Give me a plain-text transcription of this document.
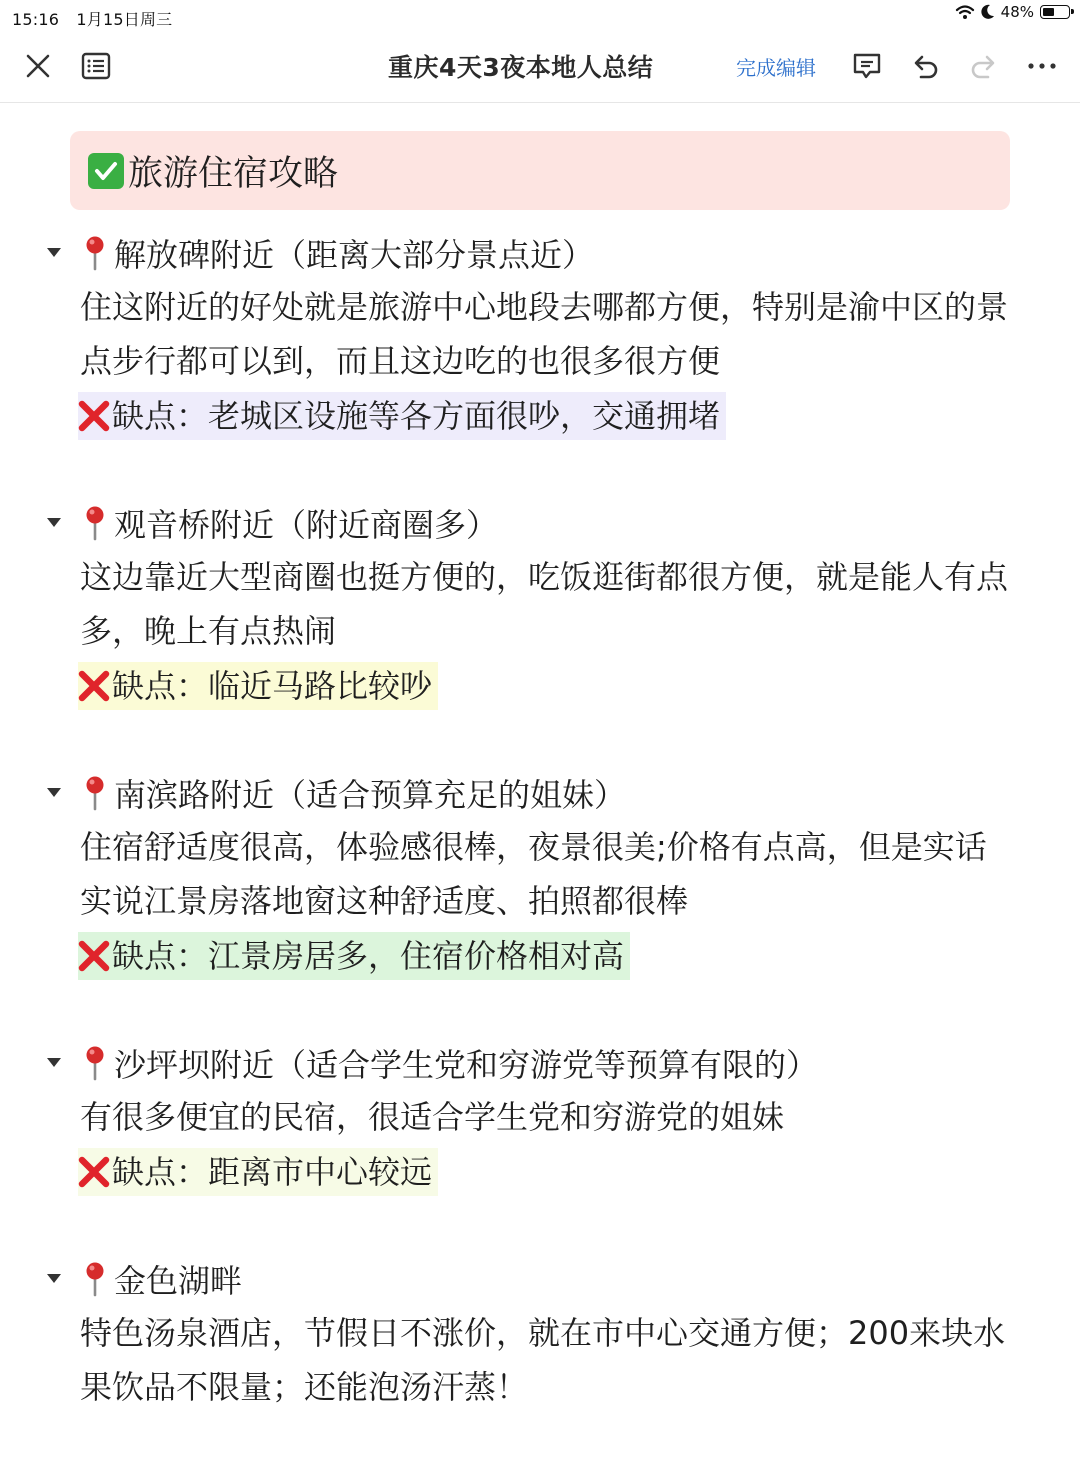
15:16 1月15日周三	48%
重庆4天3夜本地人总结	完成编辑
旅游住宿攻略
解放碑附近（距离大部分景点近）
住这附近的好处就是旅游中心地段去哪都方便，特别是渝中区的景点步行都可以到，而且这边吃的也很多很方便
缺点：老城区设施等各方面很吵，交通拥堵
观音桥附近（附近商圈多）
这边靠近大型商圈也挺方便的，吃饭逛街都很方便，就是能人有点多，晚上有点热闹
缺点：临近马路比较吵
南滨路附近（适合预算充足的姐妹）
住宿舒适度很高，体验感很棒，夜景很美;价格有点高，但是实话实说江景房落地窗这种舒适度、拍照都很棒
缺点：江景房居多，住宿价格相对高
沙坪坝附近（适合学生党和穷游党等预算有限的）
有很多便宜的民宿，很适合学生党和穷游党的姐妹
缺点：距离市中心较远
金色湖畔
特色汤泉酒店，节假日不涨价，就在市中心交通方便；200来块水果饮品不限量；还能泡汤汗蒸！
